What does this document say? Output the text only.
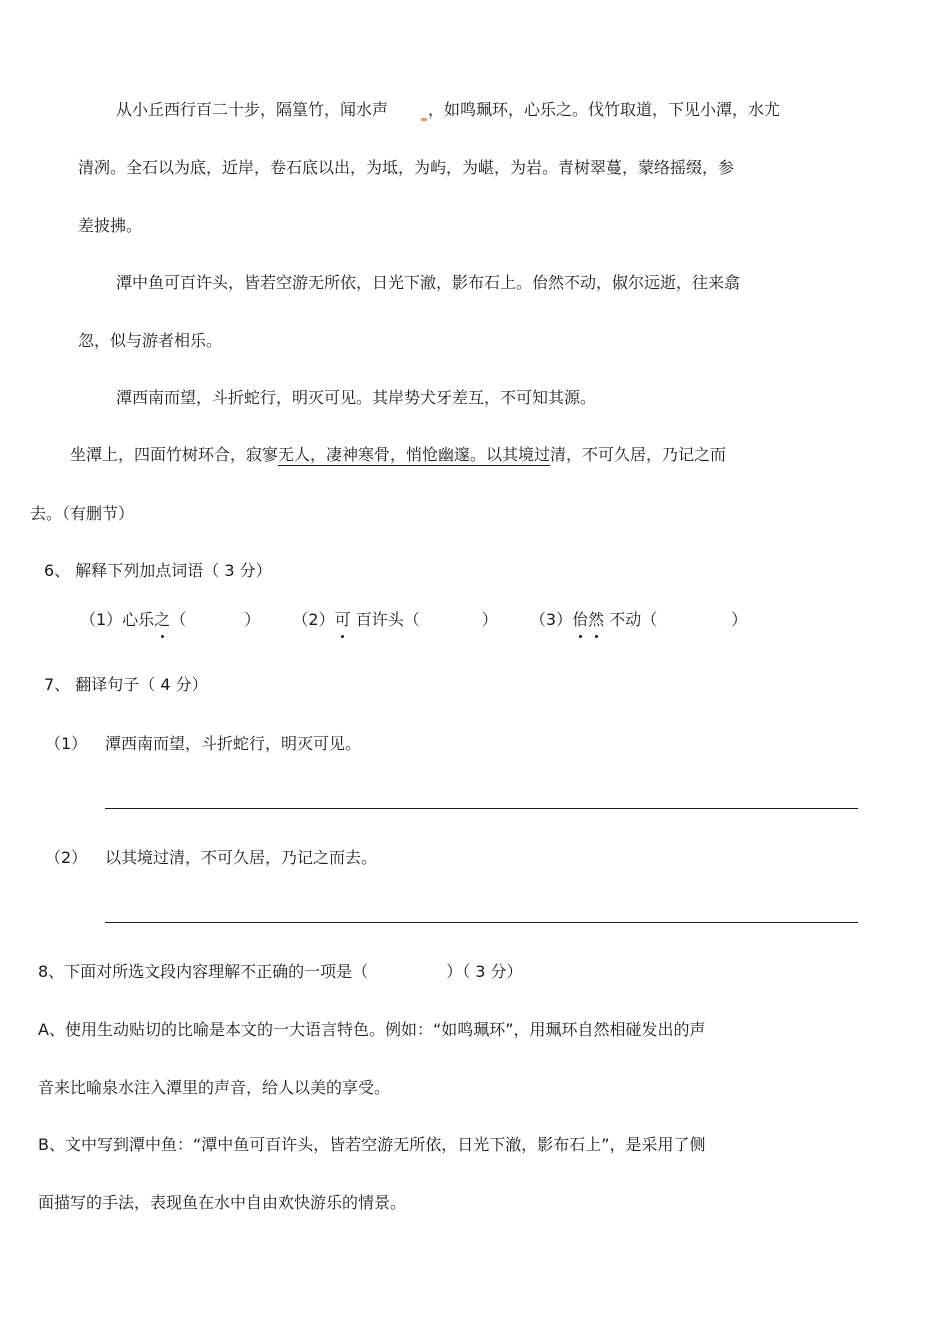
从小丘西行百二十步，隔篁竹，闻水声	，如鸣珮环，心乐之。伐竹取道，下见小潭，水尤
清冽。全石以为底，近岸，卷石底以出，为坻，为屿，为嵁，为岩。青树翠蔓，蒙络摇缀，参
差披拂。
潭中鱼可百许头，皆若空游无所依，日光下澈，影布石上。佁然不动，俶尔远逝，往来翕
忽，似与游者相乐。
潭西南而望，斗折蛇行，明灭可见。其岸势犬牙差互，不可知其源。
坐潭上，四面竹树环合，寂寥无人，凄神寒骨，悄怆幽邃。以其境过清，不可久居，乃记之而
去。（有删节）
6、 解释下列加点词语（ 3 分）
（1）心乐之（	） （2）可 百许头（	） （3）佁然 不动（	）
7、 翻译句子（ 4 分）
（1） 潭西南而望，斗折蛇行，明灭可见。
（2） 以其境过清，不可久居，乃记之而去。
8、下面对所选文段内容理解不正确的一项是（	）（ 3 分）
A、使用生动贴切的比喻是本文的一大语言特色。例如：“如鸣珮环”，用珮环自然相碰发出的声
音来比喻泉水注入潭里的声音，给人以美的享受。
B、文中写到潭中鱼：“潭中鱼可百许头，皆若空游无所依，日光下澈，影布石上”，是采用了侧
面描写的手法，表现鱼在水中自由欢快游乐的情景。
